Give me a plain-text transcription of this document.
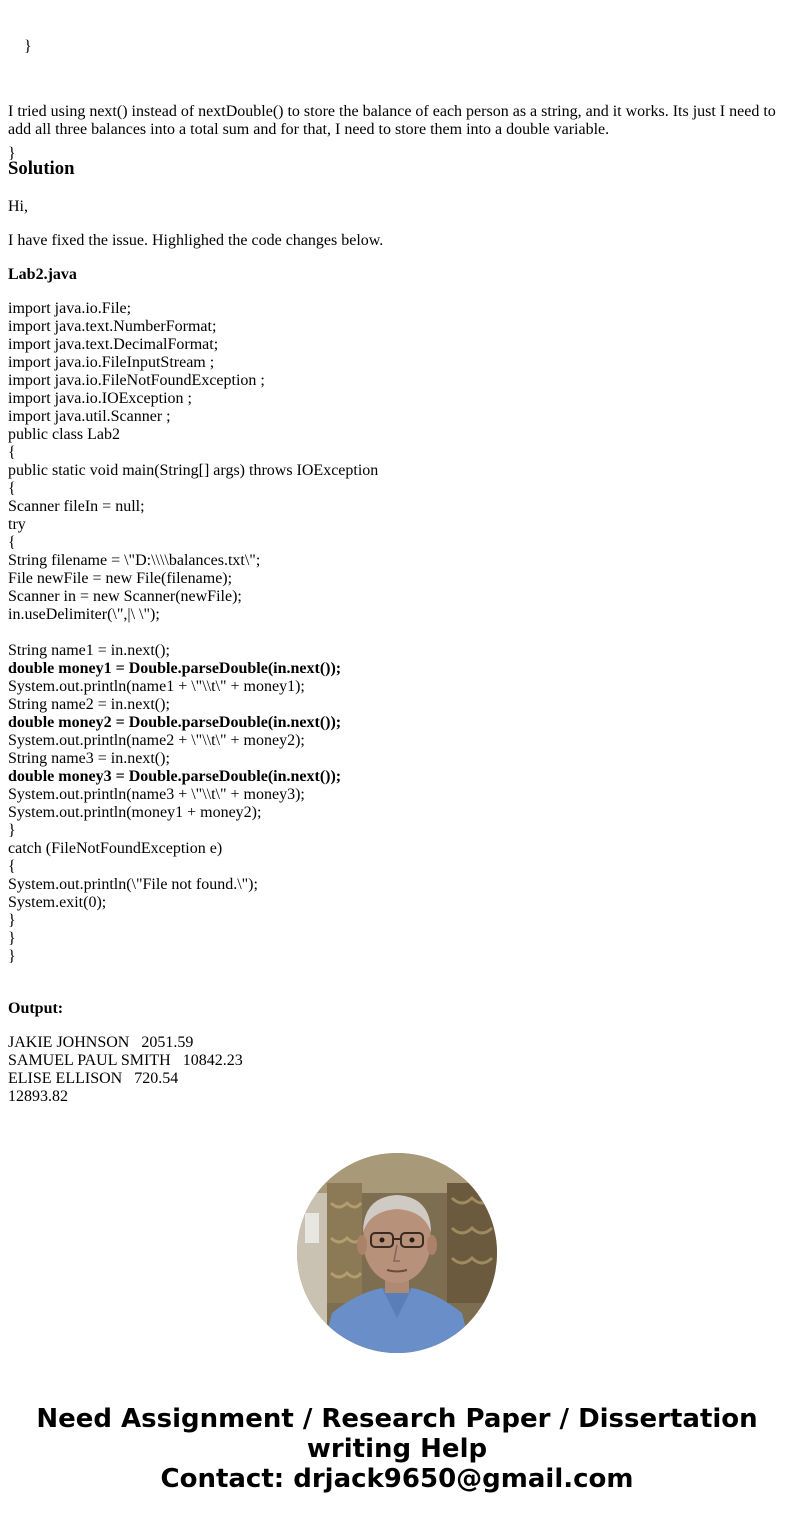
}

}

I tried using next() instead of nextDouble() to store the balance of each person as a string, and it works. Its just I need to add all three balances into a total sum and for that, I need to store them into a double variable.

Solution

Hi,

I have fixed the issue. Highlighed the code changes below.

Lab2.java

import java.io.File;
import java.text.NumberFormat;
import java.text.DecimalFormat;
import java.io.FileInputStream ;
import java.io.FileNotFoundException ;
import java.io.IOException ;
import java.util.Scanner ;
public class Lab2
{
public static void main(String[] args) throws IOException
{
Scanner fileIn = null;
try
{
String filename = \"D:\\\\balances.txt\";
File newFile = new File(filename);
Scanner in = new Scanner(newFile);
in.useDelimiter(\",|\ \");
String name1 = in.next();
double money1 = Double.parseDouble(in.next());
System.out.println(name1 + \"\\t\" + money1);
String name2 = in.next();
double money2 = Double.parseDouble(in.next());
System.out.println(name2 + \"\\t\" + money2);
String name3 = in.next();
double money3 = Double.parseDouble(in.next());
System.out.println(name3 + \"\\t\" + money3);
System.out.println(money1 + money2);
}
catch (FileNotFoundException e)
{
System.out.println(\"File not found.\");
System.exit(0);
}
}
}

Output:

JAKIE JOHNSON   2051.59
SAMUEL PAUL SMITH   10842.23
ELISE ELLISON   720.54
12893.82
Need Assignment / Research Paper / Dissertation
writing Help
Contact: drjack9650@gmail.com
